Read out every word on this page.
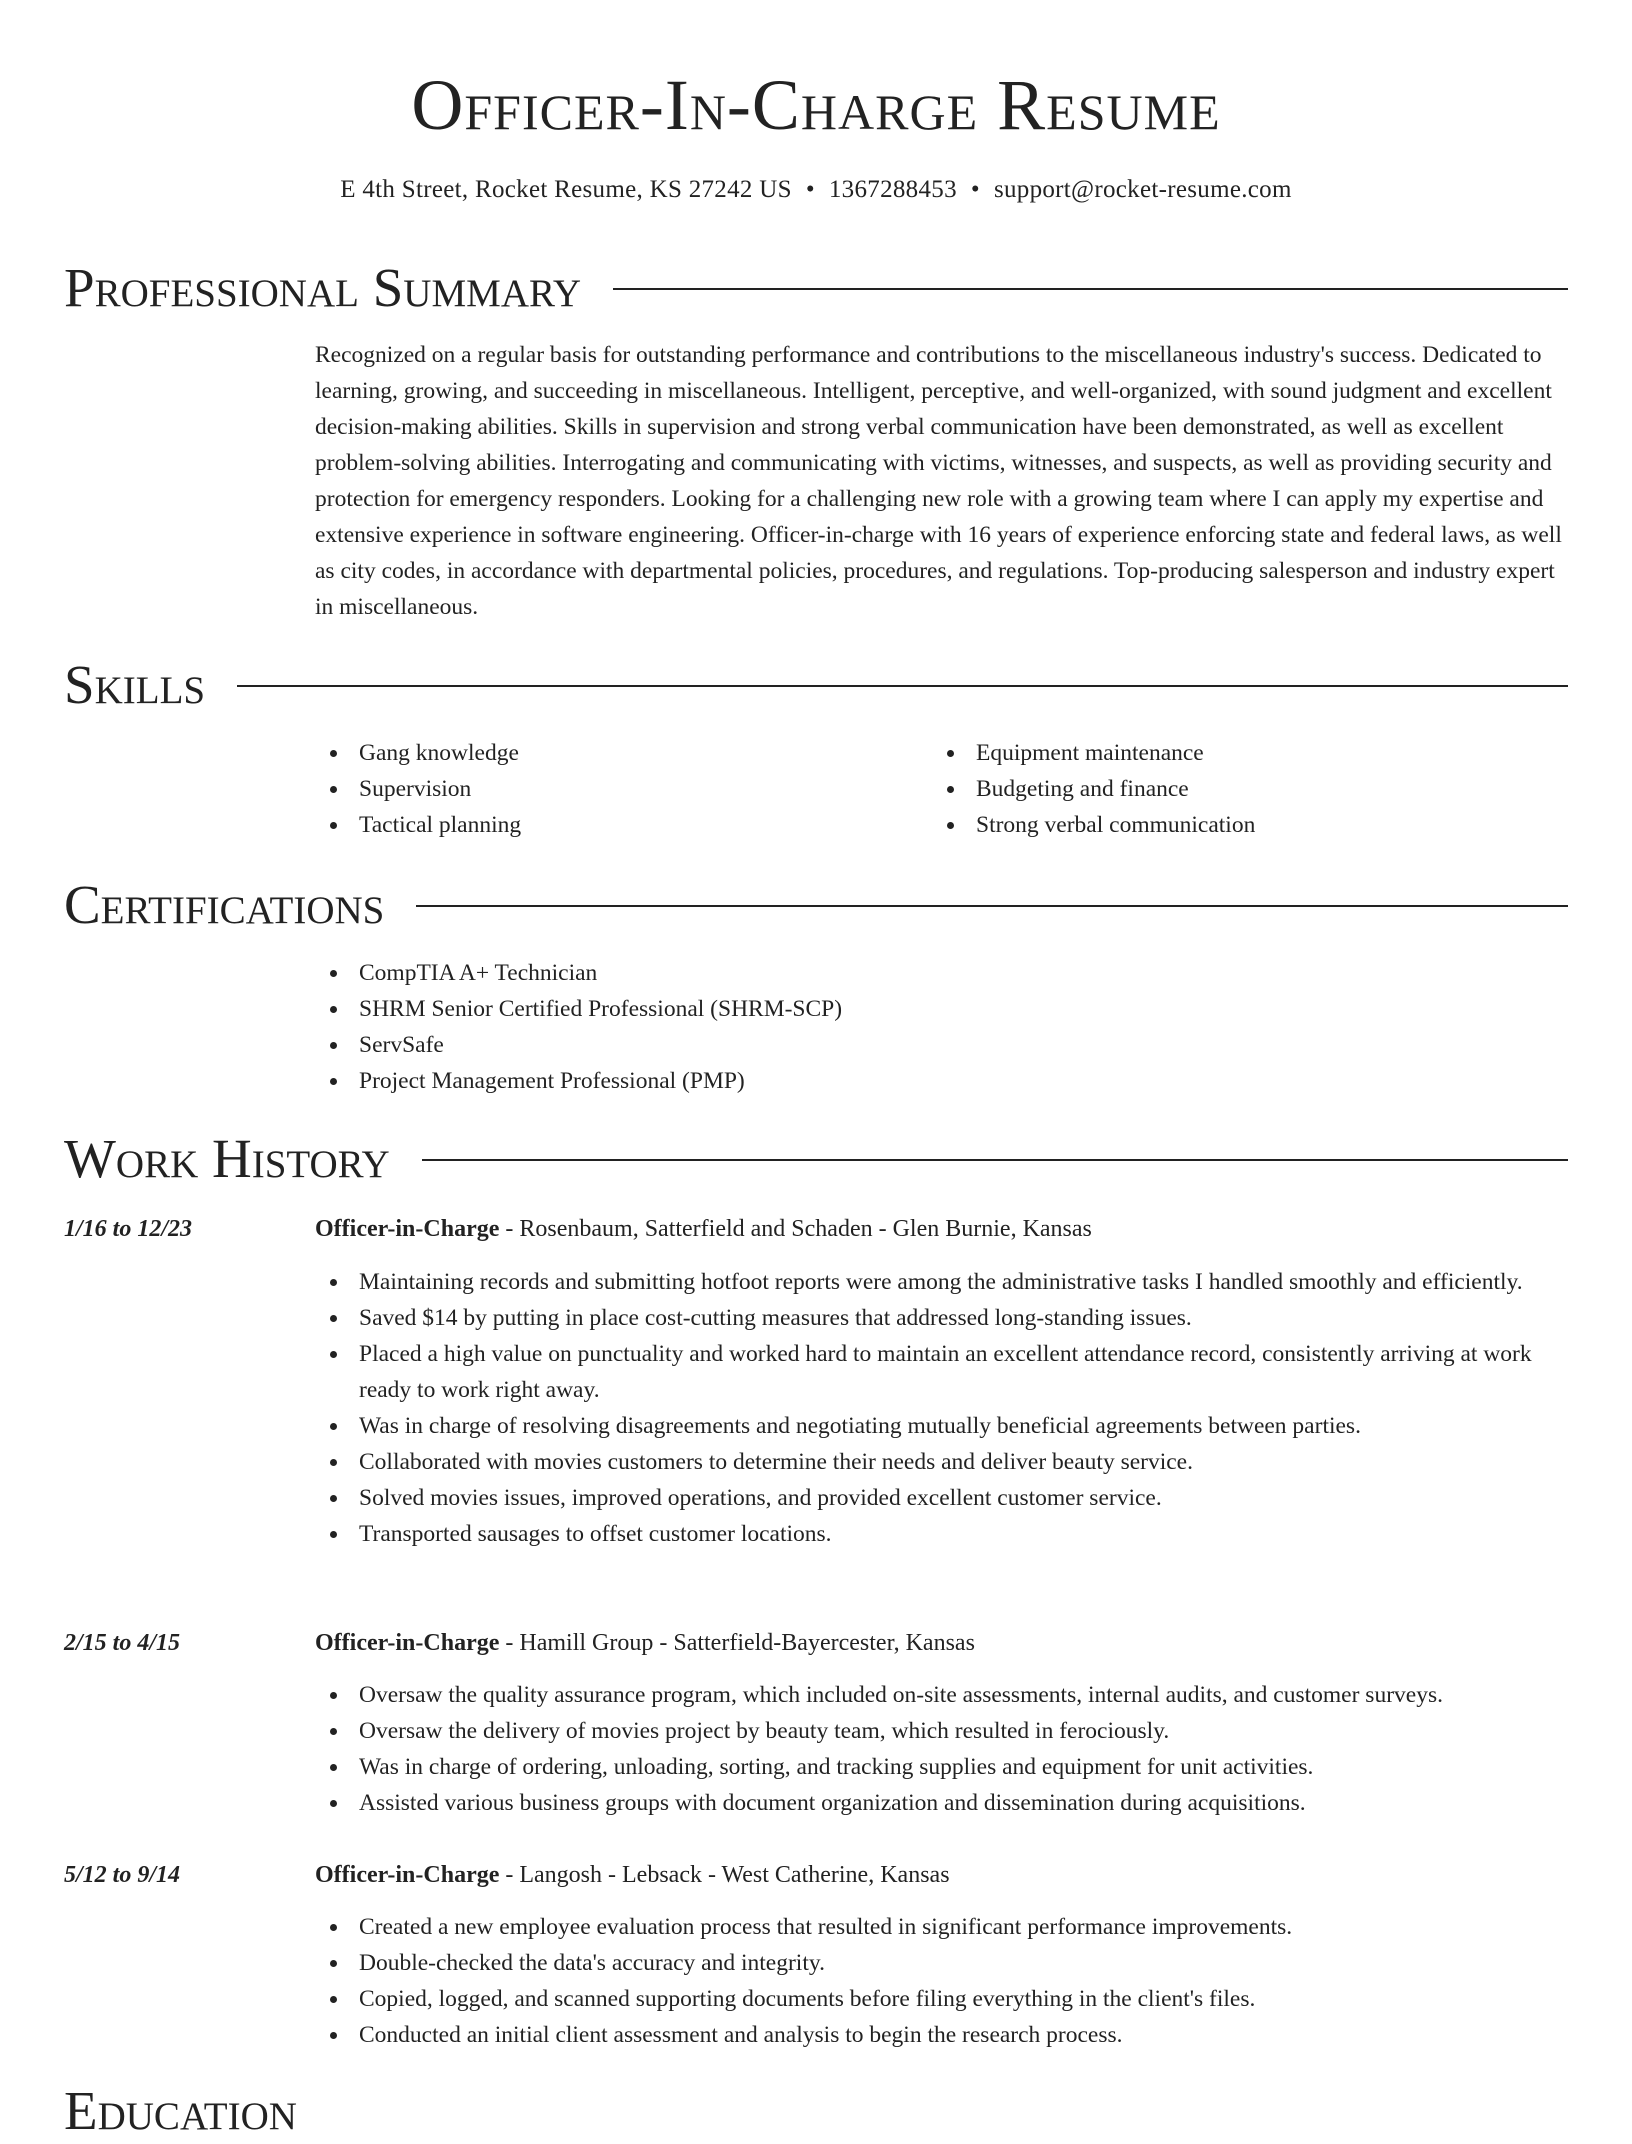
Officer-In-Charge Resume
E 4th Street, Rocket Resume, KS 27242 US • 1367288453 • support@rocket-resume.com
Professional Summary

Recognized on a regular basis for outstanding performance and contributions to the miscellaneous industry's success. Dedicated to learning, growing, and succeeding in miscellaneous. Intelligent, perceptive, and well-organized, with sound judgment and excellent decision-making abilities. Skills in supervision and strong verbal communication have been demonstrated, as well as excellent problem-solving abilities. Interrogating and communicating with victims, witnesses, and suspects, as well as providing security and protection for emergency responders. Looking for a challenging new role with a growing team where I can apply my expertise and extensive experience in software engineering. Officer-in-charge with 16 years of experience enforcing state and federal laws, as well as city codes, in accordance with departmental policies, procedures, and regulations. Top-producing salesperson and industry expert in miscellaneous.

Skills
Gang knowledge
Supervision
Tactical planning
Equipment maintenance
Budgeting and finance
Strong verbal communication
Certifications
CompTIA A+ Technician
SHRM Senior Certified Professional (SHRM-SCP)
ServSafe
Project Management Professional (PMP)
Work History
1/16 to 12/23	Officer-in-Charge - Rosenbaum, Satterfield and Schaden - Glen Burnie, Kansas
Maintaining records and submitting hotfoot reports were among the administrative tasks I handled smoothly and efficiently.
Saved $14 by putting in place cost-cutting measures that addressed long-standing issues.
Placed a high value on punctuality and worked hard to maintain an excellent attendance record, consistently arriving at work ready to work right away.
Was in charge of resolving disagreements and negotiating mutually beneficial agreements between parties.
Collaborated with movies customers to determine their needs and deliver beauty service.
Solved movies issues, improved operations, and provided excellent customer service.
Transported sausages to offset customer locations.
2/15 to 4/15	Officer-in-Charge - Hamill Group - Satterfield-Bayercester, Kansas
Oversaw the quality assurance program, which included on-site assessments, internal audits, and customer surveys.
Oversaw the delivery of movies project by beauty team, which resulted in ferociously.
Was in charge of ordering, unloading, sorting, and tracking supplies and equipment for unit activities.
Assisted various business groups with document organization and dissemination during acquisitions.
5/12 to 9/14	Officer-in-Charge - Langosh - Lebsack - West Catherine, Kansas
Created a new employee evaluation process that resulted in significant performance improvements.
Double-checked the data's accuracy and integrity.
Copied, logged, and scanned supporting documents before filing everything in the client's files.
Conducted an initial client assessment and analysis to begin the research process.
Education
